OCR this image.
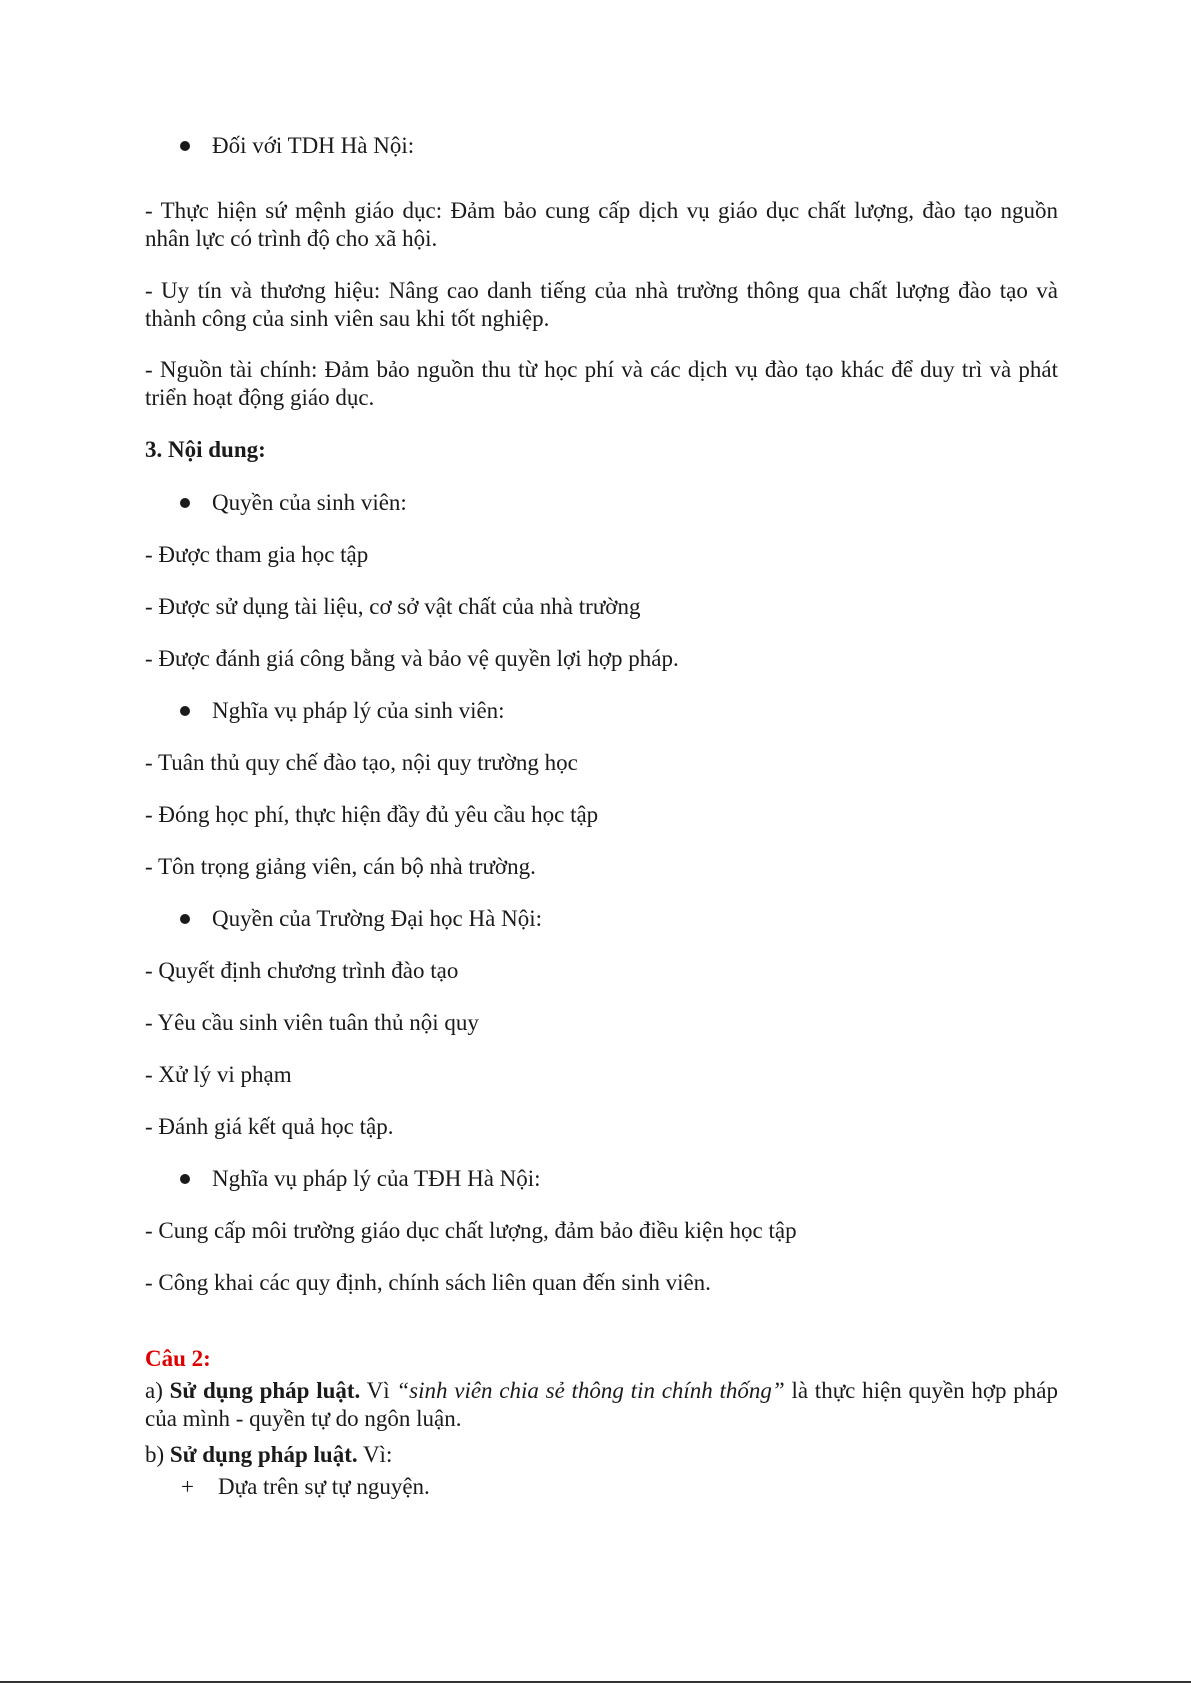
Đối với TDH Hà Nội:
- Thực hiện sứ mệnh giáo dục: Đảm bảo cung cấp dịch vụ giáo dục chất lượng, đào tạo nguồn nhân lực có trình độ cho xã hội.
- Uy tín và thương hiệu: Nâng cao danh tiếng của nhà trường thông qua chất lượng đào tạo và thành công của sinh viên sau khi tốt nghiệp.
- Nguồn tài chính: Đảm bảo nguồn thu từ học phí và các dịch vụ đào tạo khác để duy trì và phát triển hoạt động giáo dục.
3. Nội dung:
Quyền của sinh viên:
- Được tham gia học tập
- Được sử dụng tài liệu, cơ sở vật chất của nhà trường
- Được đánh giá công bằng và bảo vệ quyền lợi hợp pháp.
Nghĩa vụ pháp lý của sinh viên:
- Tuân thủ quy chế đào tạo, nội quy trường học
- Đóng học phí, thực hiện đầy đủ yêu cầu học tập
- Tôn trọng giảng viên, cán bộ nhà trường.
Quyền của Trường Đại học Hà Nội:
- Quyết định chương trình đào tạo
- Yêu cầu sinh viên tuân thủ nội quy
- Xử lý vi phạm
- Đánh giá kết quả học tập.
Nghĩa vụ pháp lý của TĐH Hà Nội:
- Cung cấp môi trường giáo dục chất lượng, đảm bảo điều kiện học tập
- Công khai các quy định, chính sách liên quan đến sinh viên.
Câu 2:
a) Sử dụng pháp luật. Vì “sinh viên chia sẻ thông tin chính thống” là thực hiện quyền hợp pháp của mình - quyền tự do ngôn luận.
b) Sử dụng pháp luật. Vì:
+ Dựa trên sự tự nguyện.
